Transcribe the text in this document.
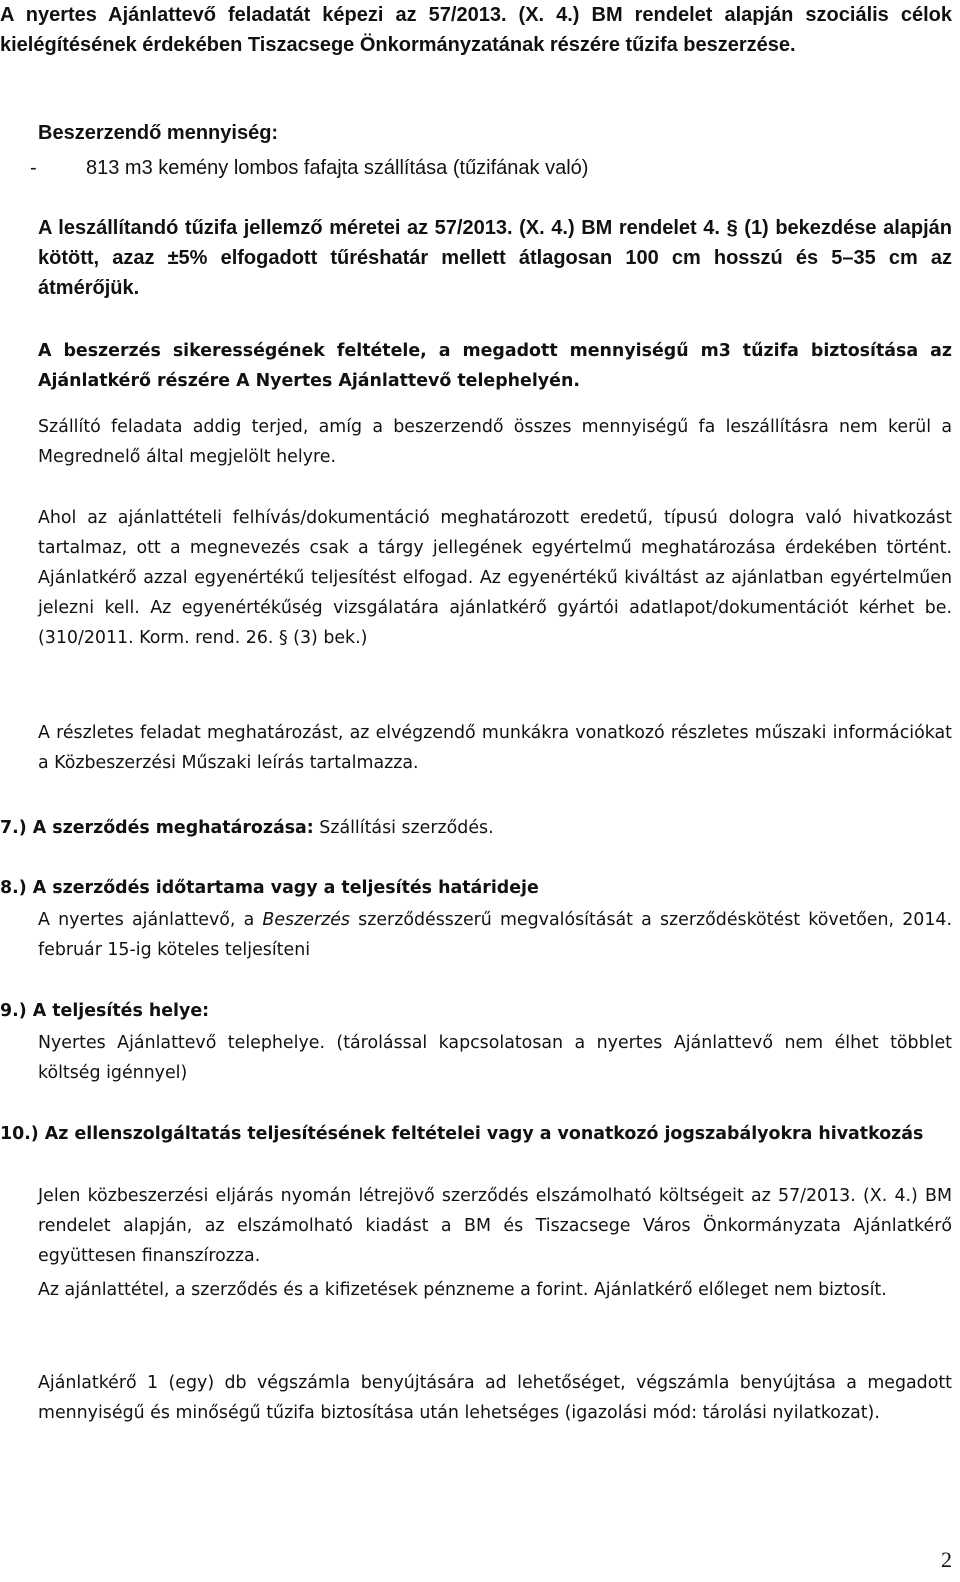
A nyertes Ajánlattevő feladatát képezi az 57/2013. (X. 4.) BM rendelet alapján szociális célok kielégítésének érdekében Tiszacsege Önkormányzatának részére tűzifa beszerzése.

Beszerzendő mennyiség:

-	813 m3 kemény lombos fafajta szállítása (tűzifának való)

A leszállítandó tűzifa jellemző méretei az 57/2013. (X. 4.) BM rendelet 4. § (1) bekezdése alapján kötött, azaz ±5% elfogadott tűréshatár mellett átlagosan 100 cm hosszú és 5–35 cm az átmérőjük.

A beszerzés sikerességének feltétele, a megadott mennyiségű m3 tűzifa biztosítása az Ajánlatkérő részére A Nyertes Ajánlattevő telephelyén.

Szállító feladata addig terjed, amíg a beszerzendő összes mennyiségű fa leszállításra nem kerül a Megrednelő által megjelölt helyre.

Ahol az ajánlattételi felhívás/dokumentáció meghatározott eredetű, típusú dologra való hivatkozást tartalmaz, ott a megnevezés csak a tárgy jellegének egyértelmű meghatározása érdekében történt. Ajánlatkérő azzal egyenértékű teljesítést elfogad. Az egyenértékű kiváltást az ajánlatban egyértelműen jelezni kell. Az egyenértékűség vizsgálatára ajánlatkérő gyártói adatlapot/dokumentációt kérhet be. (310/2011. Korm. rend. 26. § (3) bek.)

A részletes feladat meghatározást, az elvégzendő munkákra vonatkozó részletes műszaki információkat a Közbeszerzési Műszaki leírás tartalmazza.

7.) A szerződés meghatározása: Szállítási szerződés.

8.) A szerződés időtartama vagy a teljesítés határideje

A nyertes ajánlattevő, a Beszerzés szerződésszerű megvalósítását a szerződéskötést követően, 2014. február 15-ig köteles teljesíteni

9.) A teljesítés helye:

Nyertes Ajánlattevő telephelye. (tárolással kapcsolatosan a nyertes Ajánlattevő nem élhet többlet költség igénnyel)

10.) Az ellenszolgáltatás teljesítésének feltételei vagy a vonatkozó jogszabályokra hivatkozás

Jelen közbeszerzési eljárás nyomán létrejövő szerződés elszámolható költségeit az 57/2013. (X. 4.) BM rendelet alapján, az elszámolható kiadást a BM és Tiszacsege Város Önkormányzata Ajánlatkérő együttesen finanszírozza.

Az ajánlattétel, a szerződés és a kifizetések pénzneme a forint. Ajánlatkérő előleget nem biztosít.

Ajánlatkérő 1 (egy) db végszámla benyújtására ad lehetőséget, végszámla benyújtása a megadott mennyiségű és minőségű tűzifa biztosítása után lehetséges (igazolási mód: tárolási nyilatkozat).

2
